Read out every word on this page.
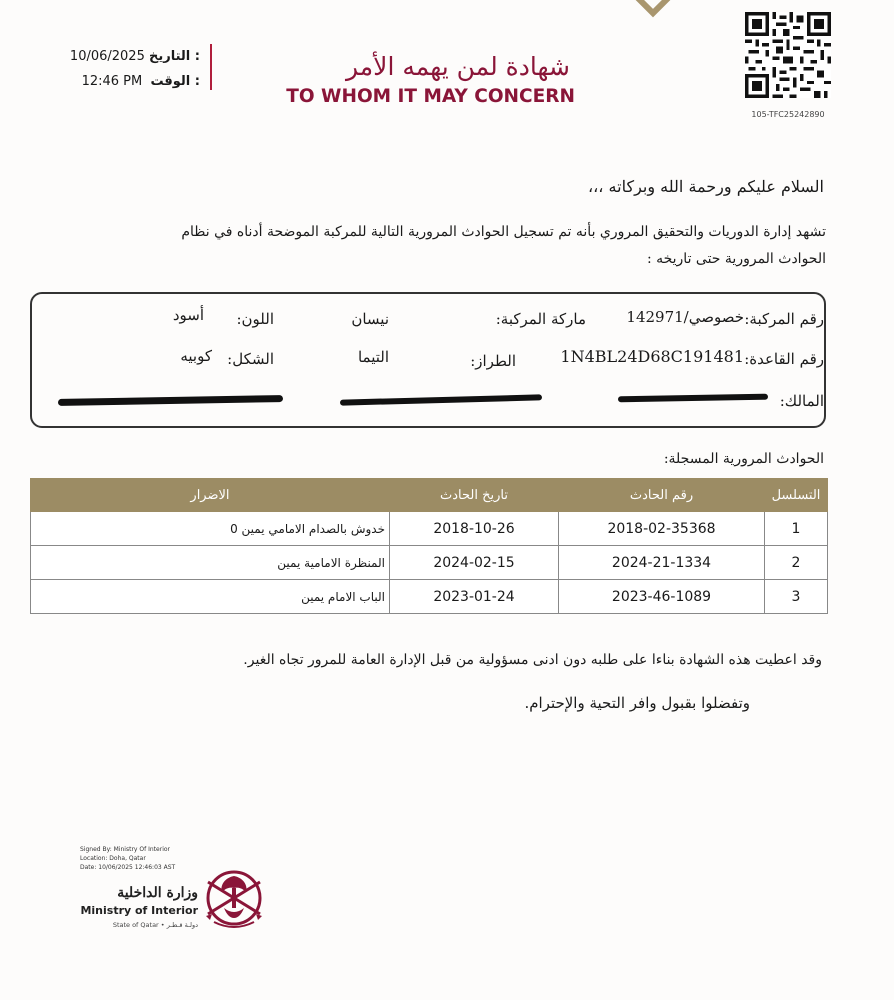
10/06/2025 التاريخ :
12:46 PM الوقت :
شهادة لمن يهمه الأمر
TO WHOM IT MAY CONCERN
105-TFC25242890
السلام عليكم ورحمة الله وبركاته ،،،
تشهد إدارة الدوريات والتحقيق المروري بأنه تم تسجيل الحوادث المرورية التالية للمركبة الموضحة أدناه في نظام
الحوادث المرورية حتى تاريخه :
رقم المركبة:
خصوصي/142971
ماركة المركبة:
نيسان
اللون:
أسود
رقم القاعدة:
1N4BL24D68C191481
الطراز:
التيما
الشكل:
كوبيه
المالك:
الحوادث المرورية المسجلة:
التسلسل	رقم الحادث	تاريخ الحادث	الاضرار
1	2018-02-35368	2018-10-26	خدوش بالصدام الامامي يمين 0
2	2024-21-1334	2024-02-15	المنظرة الامامية يمين
3	2023-46-1089	2023-01-24	الباب الامام يمين
وقد اعطيت هذه الشهادة بناءا على طلبه دون ادنى مسؤولية من قبل الإدارة العامة للمرور تجاه الغير.
وتفضلوا بقبول وافر التحية والإحترام.
Signed By: Ministry Of Interior
Location: Doha, Qatar
Date: 10/06/2025 12:46:03 AST
وزارة الداخلية
Ministry of Interior
State of Qatar • دولـة قـطـر
